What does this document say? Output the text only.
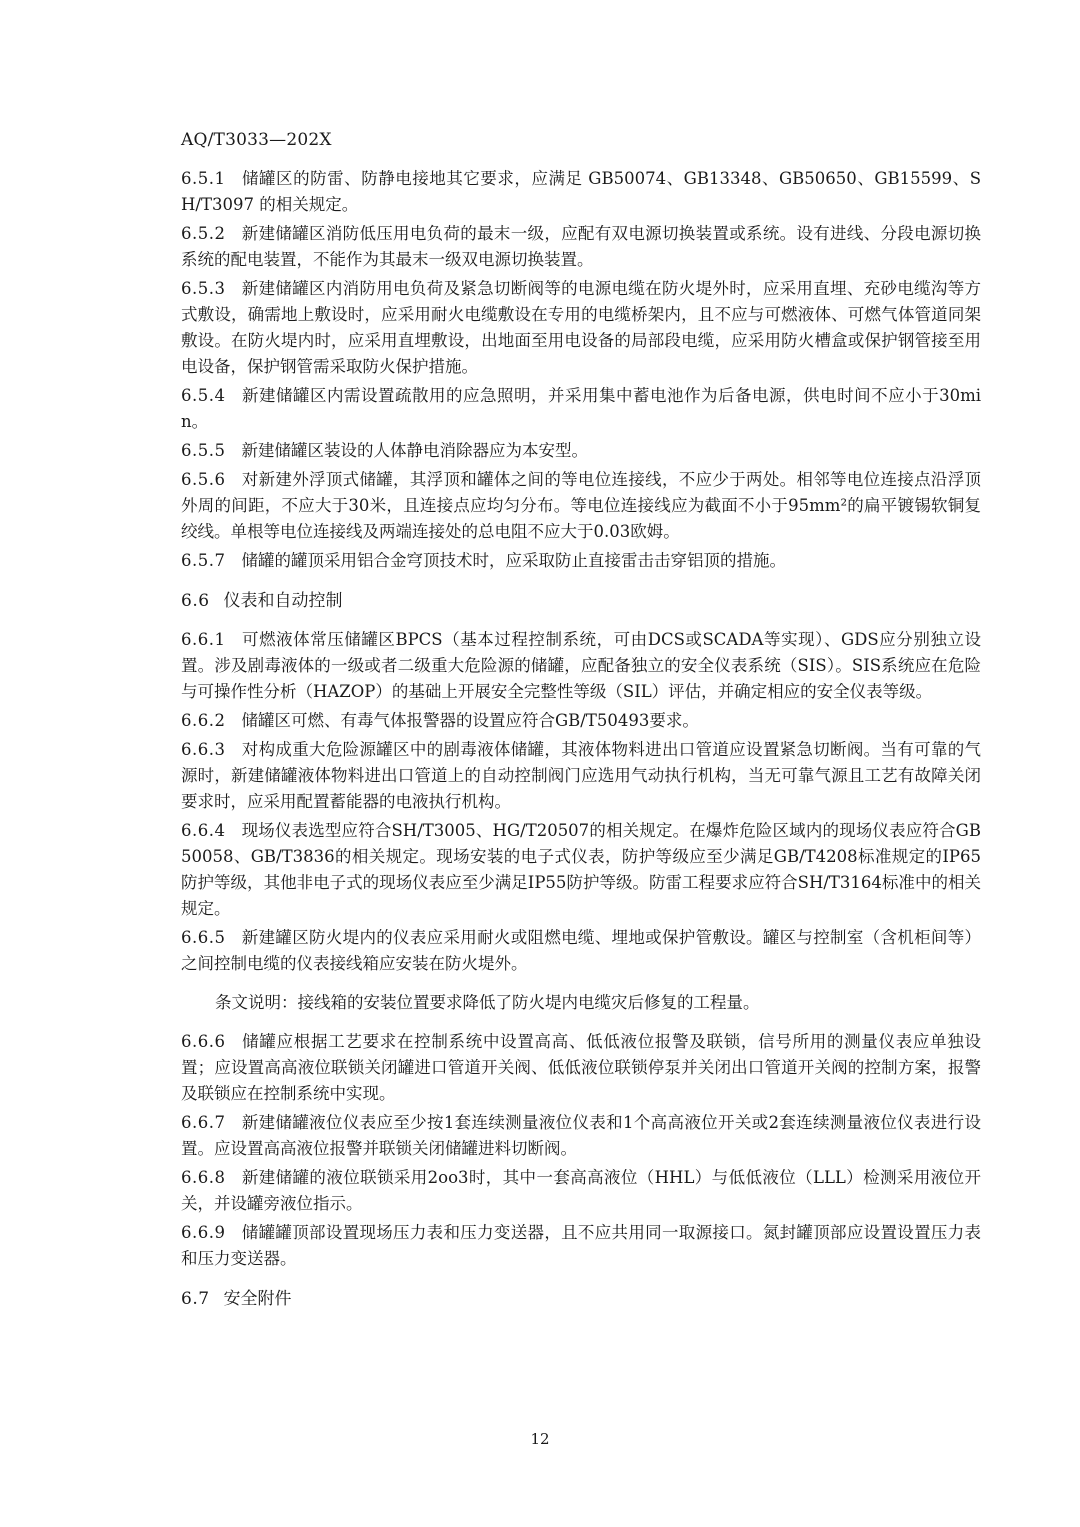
AQ/T3033—202X

6.5.1 储罐区的防雷、防静电接地其它要求，应满足 GB50074、GB13348、GB50650、GB15599、SH/T3097 的相关规定。

6.5.2 新建储罐区消防低压用电负荷的最末一级，应配有双电源切换装置或系统。设有进线、分段电源切换系统的配电装置，不能作为其最末一级双电源切换装置。

6.5.3 新建储罐区内消防用电负荷及紧急切断阀等的电源电缆在防火堤外时，应采用直埋、充砂电缆沟等方式敷设，确需地上敷设时，应采用耐火电缆敷设在专用的电缆桥架内，且不应与可燃液体、可燃气体管道同架敷设。在防火堤内时，应采用直埋敷设，出地面至用电设备的局部段电缆，应采用防火槽盒或保护钢管接至用电设备，保护钢管需采取防火保护措施。

6.5.4 新建储罐区内需设置疏散用的应急照明，并采用集中蓄电池作为后备电源，供电时间不应小于30min。

6.5.5 新建储罐区装设的人体静电消除器应为本安型。

6.5.6 对新建外浮顶式储罐，其浮顶和罐体之间的等电位连接线，不应少于两处。相邻等电位连接点沿浮顶外周的间距，不应大于30米，且连接点应均匀分布。等电位连接线应为截面不小于95mm²的扁平镀锡软铜复绞线。单根等电位连接线及两端连接处的总电阻不应大于0.03欧姆。

6.5.7 储罐的罐顶采用铝合金穹顶技术时，应采取防止直接雷击击穿铝顶的措施。

6.6 仪表和自动控制

6.6.1 可燃液体常压储罐区BPCS（基本过程控制系统，可由DCS或SCADA等实现）、GDS应分别独立设置。涉及剧毒液体的一级或者二级重大危险源的储罐，应配备独立的安全仪表系统（SIS）。SIS系统应在危险与可操作性分析（HAZOP）的基础上开展安全完整性等级（SIL）评估，并确定相应的安全仪表等级。

6.6.2 储罐区可燃、有毒气体报警器的设置应符合GB/T50493要求。

6.6.3 对构成重大危险源罐区中的剧毒液体储罐，其液体物料进出口管道应设置紧急切断阀。当有可靠的气源时，新建储罐液体物料进出口管道上的自动控制阀门应选用气动执行机构，当无可靠气源且工艺有故障关闭要求时，应采用配置蓄能器的电液执行机构。

6.6.4 现场仪表选型应符合SH/T3005、HG/T20507的相关规定。在爆炸危险区域内的现场仪表应符合GB50058、GB/T3836的相关规定。现场安装的电子式仪表，防护等级应至少满足GB/T4208标准规定的IP65防护等级，其他非电子式的现场仪表应至少满足IP55防护等级。防雷工程要求应符合SH/T3164标准中的相关规定。

6.6.5 新建罐区防火堤内的仪表应采用耐火或阻燃电缆、埋地或保护管敷设。罐区与控制室（含机柜间等）之间控制电缆的仪表接线箱应安装在防火堤外。

条文说明：接线箱的安装位置要求降低了防火堤内电缆灾后修复的工程量。

6.6.6 储罐应根据工艺要求在控制系统中设置高高、低低液位报警及联锁，信号所用的测量仪表应单独设置；应设置高高液位联锁关闭罐进口管道开关阀、低低液位联锁停泵并关闭出口管道开关阀的控制方案，报警及联锁应在控制系统中实现。

6.6.7 新建储罐液位仪表应至少按1套连续测量液位仪表和1个高高液位开关或2套连续测量液位仪表进行设置。应设置高高液位报警并联锁关闭储罐进料切断阀。

6.6.8 新建储罐的液位联锁采用2oo3时，其中一套高高液位（HHL）与低低液位（LLL）检测采用液位开关，并设罐旁液位指示。

6.6.9 储罐罐顶部设置现场压力表和压力变送器，且不应共用同一取源接口。氮封罐顶部应设置设置压力表和压力变送器。

6.7 安全附件
12
